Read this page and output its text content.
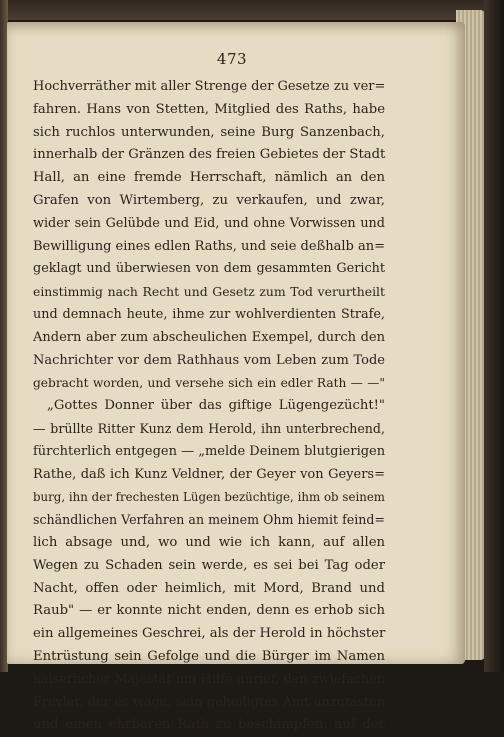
473
Hochverräther mit aller Strenge der Gesetze zu ver=
fahren. Hans von Stetten, Mitglied des Raths, habe
sich ruchlos unterwunden, seine Burg Sanzenbach,
innerhalb der Gränzen des freien Gebietes der Stadt
Hall, an eine fremde Herrschaft, nämlich an den
Grafen von Wirtemberg, zu verkaufen, und zwar,
wider sein Gelübde und Eid, und ohne Vorwissen und
Bewilligung eines edlen Raths, und seie deßhalb an=
geklagt und überwiesen von dem gesammten Gericht
einstimmig nach Recht und Gesetz zum Tod verurtheilt
und demnach heute, ihme zur wohlverdienten Strafe,
Andern aber zum abscheulichen Exempel, durch den
Nachrichter vor dem Rathhaus vom Leben zum Tode
gebracht worden, und versehe sich ein edler Rath — —"
„Gottes Donner über das giftige Lügengezücht!"
— brüllte Ritter Kunz dem Herold, ihn unterbrechend,
fürchterlich entgegen — „melde Deinem blutgierigen
Rathe, daß ich Kunz Veldner, der Geyer von Geyers=
burg, ihn der frechesten Lügen bezüchtige, ihm ob seinem
schändlichen Verfahren an meinem Ohm hiemit feind=
lich absage und, wo und wie ich kann, auf allen
Wegen zu Schaden sein werde, es sei bei Tag oder
Nacht, offen oder heimlich, mit Mord, Brand und
Raub" — er konnte nicht enden, denn es erhob sich
ein allgemeines Geschrei, als der Herold in höchster
Entrüstung sein Gefolge und die Bürger im Namen
kaiserlicher Majestät um Hilfe anrief, den zwiefachen
Frevler, der es wage, sein geheiligtes Amt anzutasten
und einen ehrbaren Rath zu beschimpfen, auf der
